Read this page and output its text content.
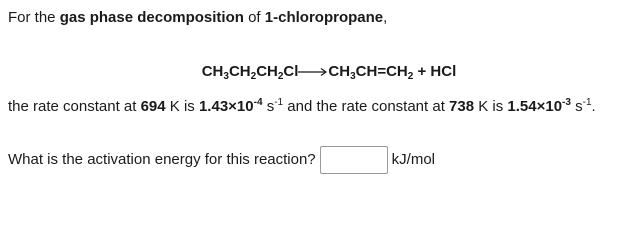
For the gas phase decomposition of 1-chloropropane,
$CH_3CH_2CH_2Cl\to CH_3CH=CH_2$ + HCl
the rate constant at 694 K is $1.43\times 10^{-4}$ $s^{-1}$ and the rate constant at 738 K is $1.54\times 10^{-3}$ $s^{-1}$.
What is the activation energy for this reaction?	kJ/mol
